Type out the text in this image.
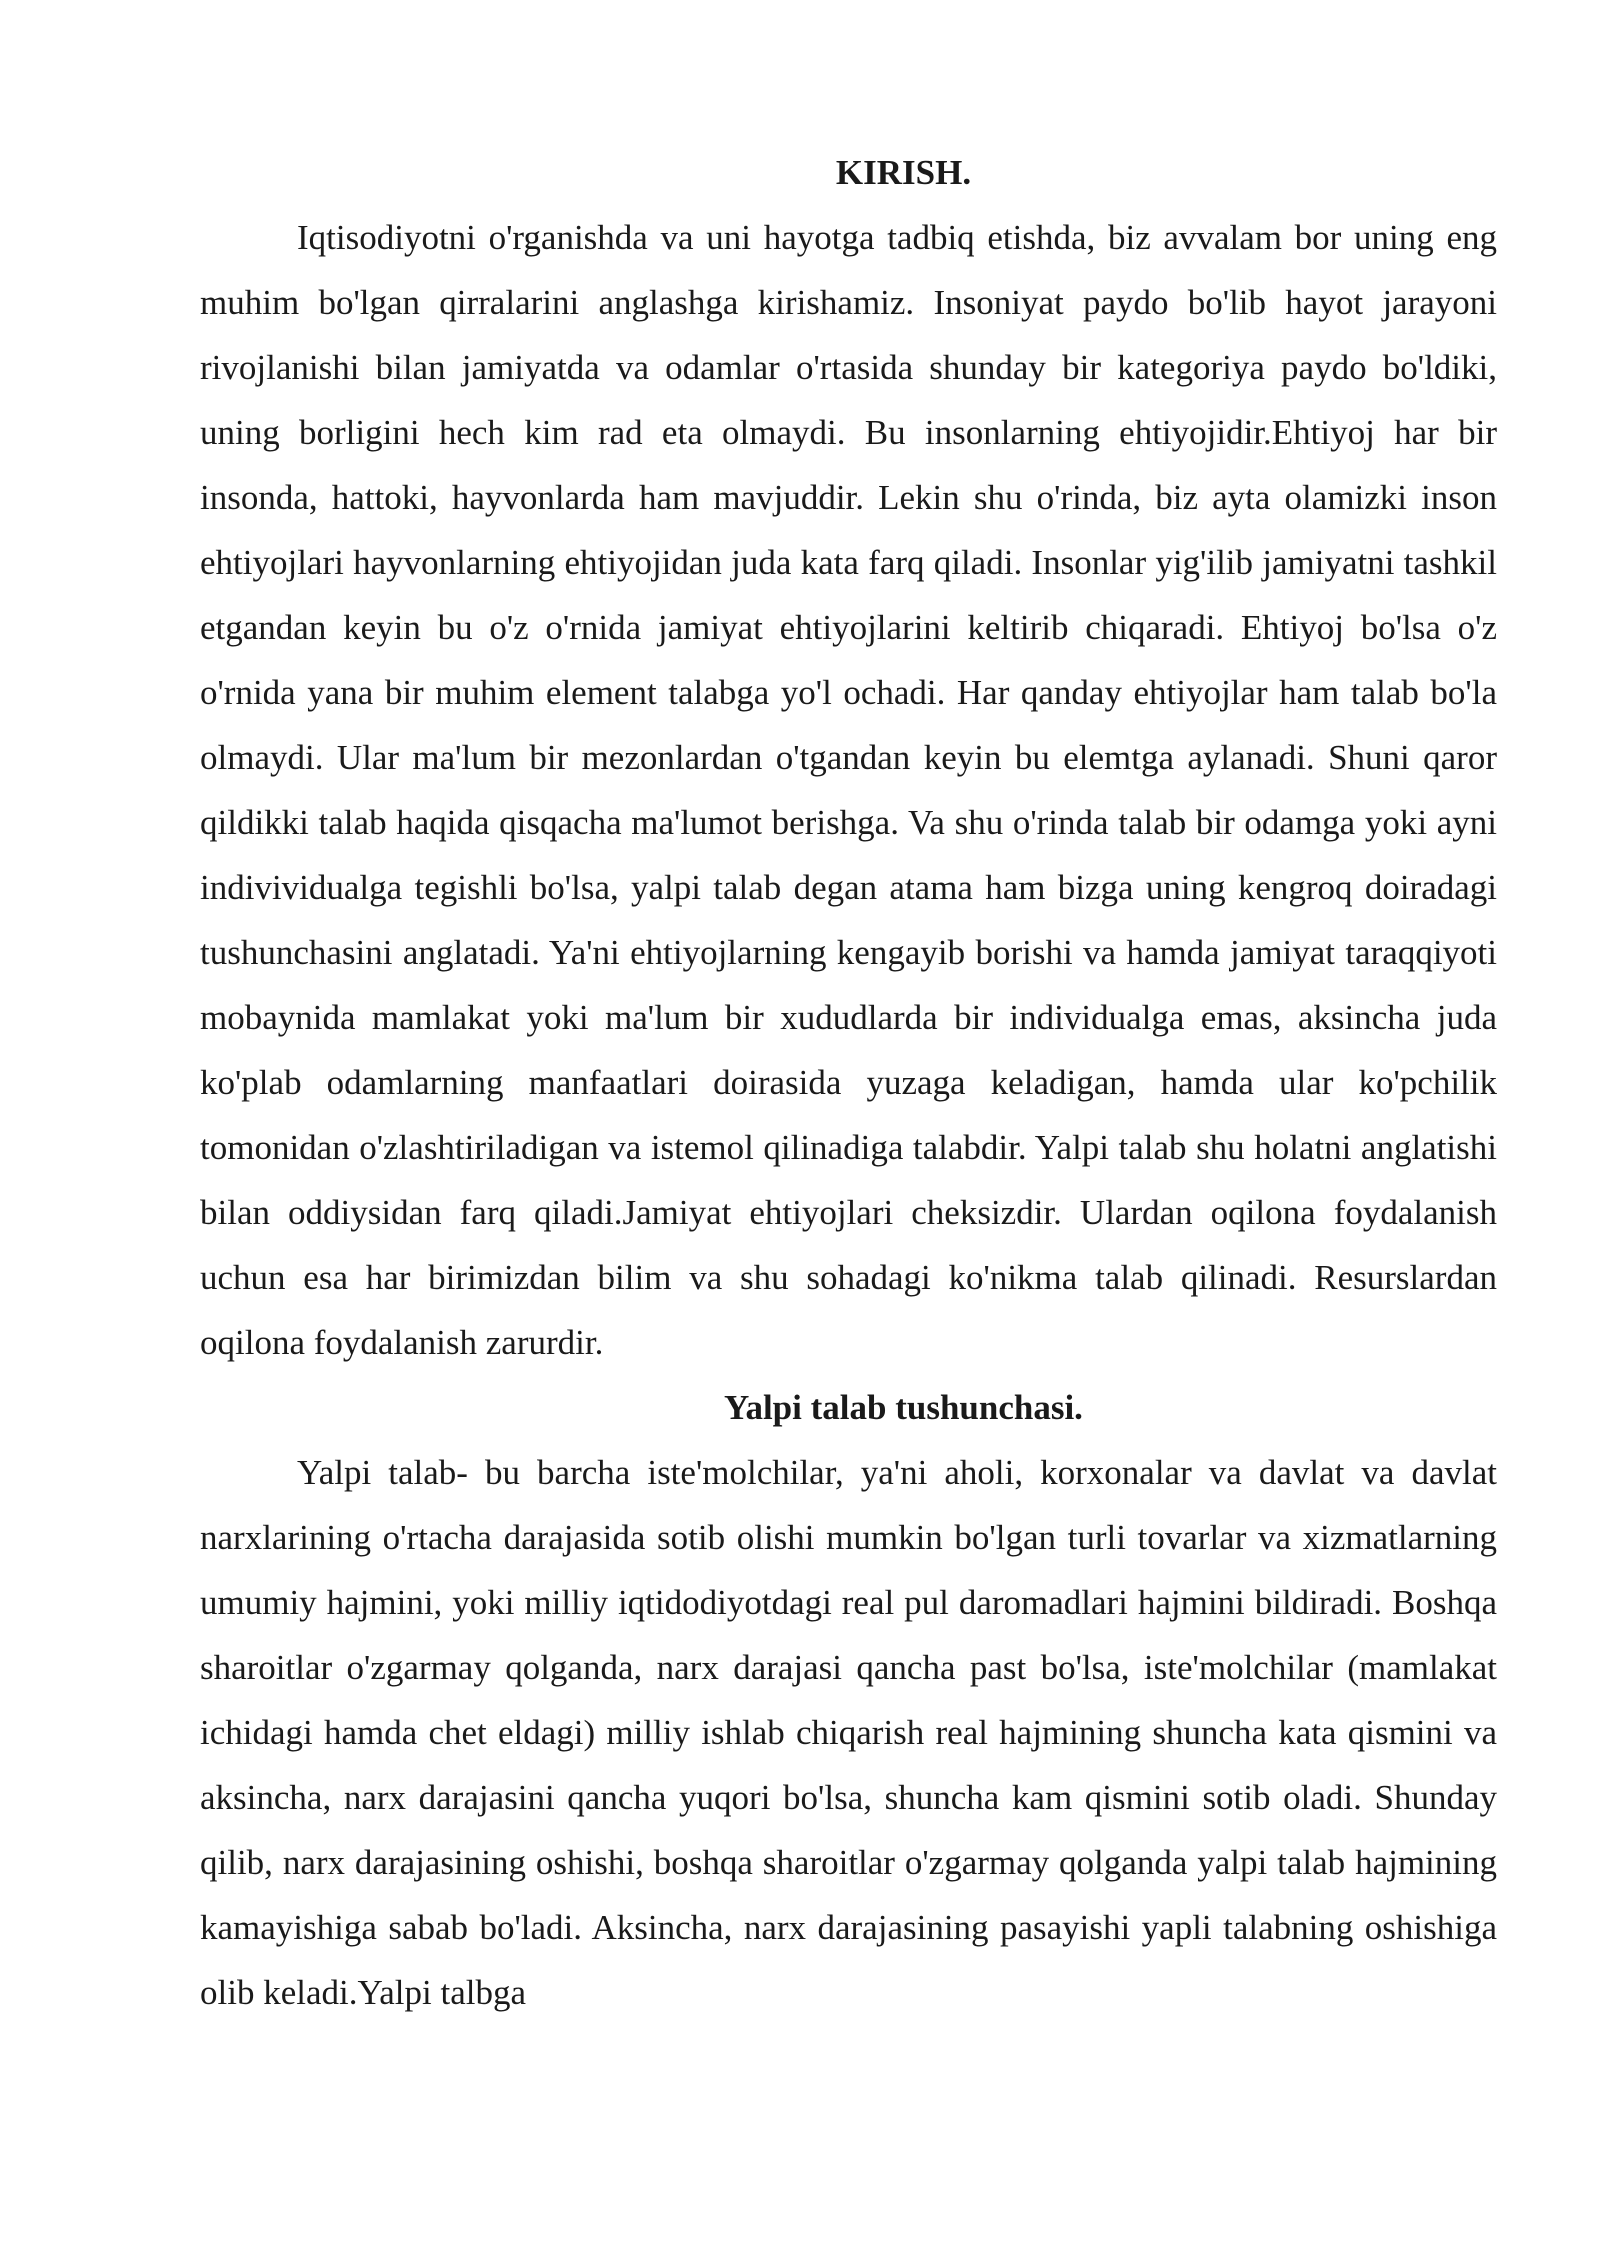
KIRISH.

Iqtisodiyotni o'rganishda va uni hayotga tadbiq etishda, biz avvalam bor uning eng muhim bo'lgan qirralarini anglashga kirishamiz. Insoniyat paydo bo'lib hayot jarayoni rivojlanishi bilan jamiyatda va odamlar o'rtasida shunday bir kategoriya paydo bo'ldiki, uning borligini hech kim rad eta olmaydi. Bu insonlarning ehtiyojidir.Ehtiyoj har bir insonda, hattoki, hayvonlarda ham mavjuddir. Lekin shu o'rinda, biz ayta olamizki inson ehtiyojlari hayvonlarning ehtiyojidan juda kata farq qiladi. Insonlar yig'ilib jamiyatni tashkil etgandan keyin bu o'z o'rnida jamiyat ehtiyojlarini keltirib chiqaradi. Ehtiyoj bo'lsa o'z o'rnida yana bir muhim element talabga yo'l ochadi. Har qanday ehtiyojlar ham talab bo'la olmaydi. Ular ma'lum bir mezonlardan o'tgandan keyin bu elemtga aylanadi. Shuni qaror qildikki talab haqida qisqacha ma'lumot berishga. Va shu o'rinda talab bir odamga yoki ayni indivividualga tegishli bo'lsa, yalpi talab degan atama ham bizga uning kengroq doiradagi tushunchasini anglatadi. Ya'ni ehtiyojlarning kengayib borishi va hamda jamiyat taraqqiyoti mobaynida mamlakat yoki ma'lum bir xududlarda bir individualga emas, aksincha juda ko'plab odamlarning manfaatlari doirasida yuzaga keladigan, hamda ular ko'pchilik tomonidan o'zlashtiriladigan va istemol qilinadiga talabdir. Yalpi talab shu holatni anglatishi bilan oddiysidan farq qiladi.Jamiyat ehtiyojlari cheksizdir. Ulardan oqilona foydalanish uchun esa har birimizdan bilim va shu sohadagi ko'nikma talab qilinadi. Resurslardan oqilona foydalanish zarurdir.

Yalpi talab tushunchasi.

Yalpi talab- bu barcha iste'molchilar, ya'ni aholi, korxonalar va davlat va davlat narxlarining o'rtacha darajasida sotib olishi mumkin bo'lgan turli tovarlar va xizmatlarning umumiy hajmini, yoki milliy iqtidodiyotdagi real pul daromadlari hajmini bildiradi. Boshqa sharoitlar o'zgarmay qolganda, narx darajasi qancha past bo'lsa, iste'molchilar (mamlakat ichidagi hamda chet eldagi) milliy ishlab chiqarish real hajmining shuncha kata qismini va aksincha, narx darajasini qancha yuqori bo'lsa, shuncha kam qismini sotib oladi. Shunday qilib, narx darajasining oshishi, boshqa sharoitlar o'zgarmay qolganda yalpi talab hajmining kamayishiga sabab bo'ladi. Aksincha, narx darajasining pasayishi yapli talabning oshishiga olib keladi.Yalpi talbga
